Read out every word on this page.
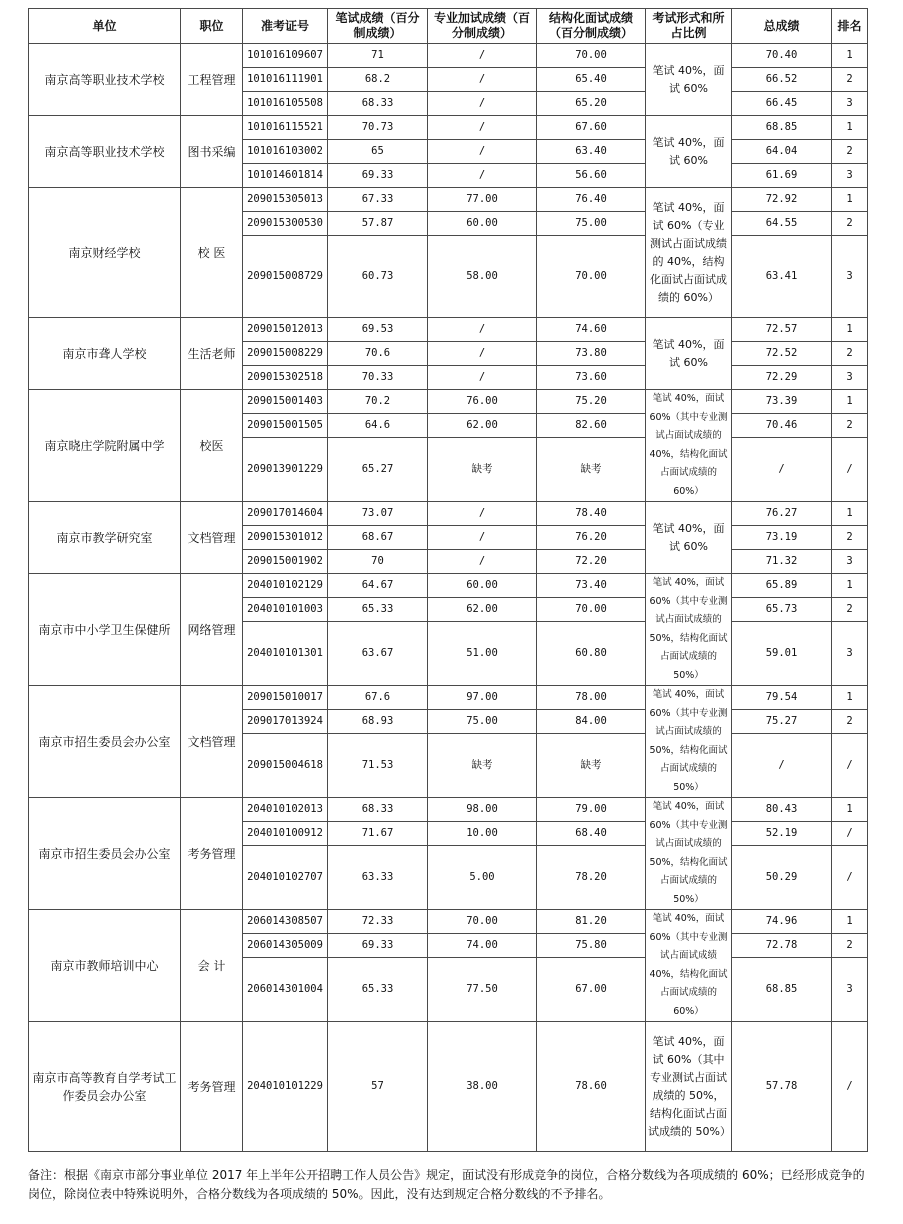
单位	职位	准考证号	笔试成绩（百分制成绩）	专业加试成绩（百分制成绩）	结构化面试成绩（百分制成绩）	考试形式和所占比例	总成绩	排名
南京高等职业技术学校	工程管理	101016109607	71	/	70.00	笔试 40%，面试 60%	70.40	1
		101016111901	68.2	/	65.40		66.52	2
		101016105508	68.33	/	65.20		66.45	3
南京高等职业技术学校	图书采编	101016115521	70.73	/	67.60	笔试 40%，面试 60%	68.85	1
		101016103002	65	/	63.40		64.04	2
		101014601814	69.33	/	56.60		61.69	3
南京财经学校	校 医	209015305013	67.33	77.00	76.40	笔试 40%，面试 60%（专业测试占面试成绩的 40%，结构化面试占面试成绩的 60%）	72.92	1
		209015300530	57.87	60.00	75.00		64.55	2
		209015008729	60.73	58.00	70.00		63.41	3
南京市聋人学校	生活老师	209015012013	69.53	/	74.60	笔试 40%，面试 60%	72.57	1
		209015008229	70.6	/	73.80		72.52	2
		209015302518	70.33	/	73.60		72.29	3
南京晓庄学院附属中学	校医	209015001403	70.2	76.00	75.20	笔试 40%，面试 60%（其中专业测试占面试成绩的 40%，结构化面试占面试成绩的 60%）	73.39	1
		209015001505	64.6	62.00	82.60		70.46	2
		209013901229	65.27	缺考	缺考		/	/
南京市教学研究室	文档管理	209017014604	73.07	/	78.40	笔试 40%，面试 60%	76.27	1
		209015301012	68.67	/	76.20		73.19	2
		209015001902	70	/	72.20		71.32	3
南京市中小学卫生保健所	网络管理	204010102129	64.67	60.00	73.40	笔试 40%，面试 60%（其中专业测试占面试成绩的 50%，结构化面试占面试成绩的 50%）	65.89	1
		204010101003	65.33	62.00	70.00		65.73	2
		204010101301	63.67	51.00	60.80		59.01	3
南京市招生委员会办公室	文档管理	209015010017	67.6	97.00	78.00	笔试 40%，面试 60%（其中专业测试占面试成绩的 50%，结构化面试占面试成绩的 50%）	79.54	1
		209017013924	68.93	75.00	84.00		75.27	2
		209015004618	71.53	缺考	缺考		/	/
南京市招生委员会办公室	考务管理	204010102013	68.33	98.00	79.00	笔试 40%，面试 60%（其中专业测试占面试成绩的 50%，结构化面试占面试成绩的 50%）	80.43	1
		204010100912	71.67	10.00	68.40		52.19	/
		204010102707	63.33	5.00	78.20		50.29	/
南京市教师培训中心	会 计	206014308507	72.33	70.00	81.20	笔试 40%，面试 60%（其中专业测试占面试成绩 40%，结构化面试占面试成绩的 60%）	74.96	1
		206014305009	69.33	74.00	75.80		72.78	2
		206014301004	65.33	77.50	67.00		68.85	3
南京市高等教育自学考试工作委员会办公室	考务管理	204010101229	57	38.00	78.60	笔试 40%，面试 60%（其中专业测试占面试成绩的 50%，结构化面试占面试成绩的 50%）	57.78	/
备注：根据《南京市部分事业单位 2017 年上半年公开招聘工作人员公告》规定，面试没有形成竞争的岗位，合格分数线为各项成绩的 60%；已经形成竞争的岗位，除岗位表中特殊说明外，合格分数线为各项成绩的 50%。因此，没有达到规定合格分数线的不予排名。
